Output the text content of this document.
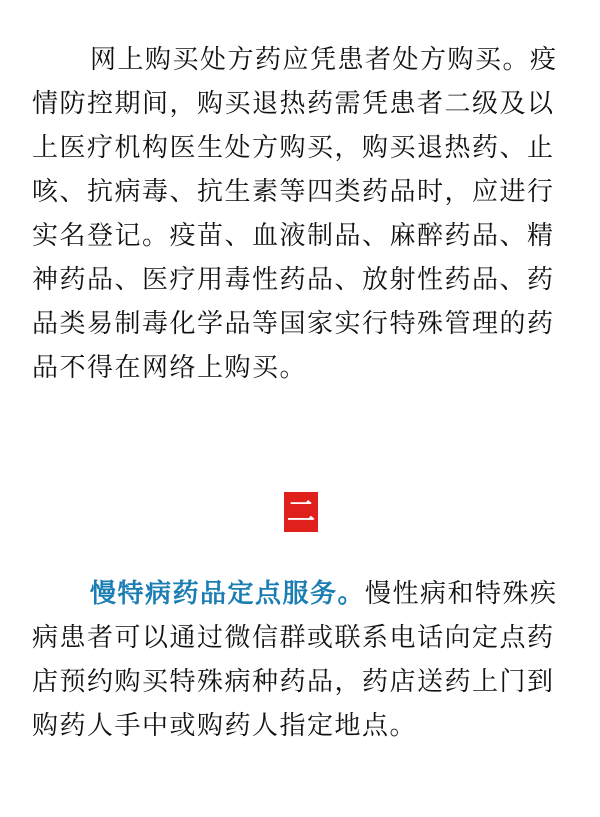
网上购买处方药应凭患者处方购买。疫情防控期间，购买退热药需凭患者二级及以上医疗机构医生处方购买，购买退热药、止咳、抗病毒、抗生素等四类药品时，应进行实名登记。疫苗、血液制品、麻醉药品、精神药品、医疗用毒性药品、放射性药品、药品类易制毒化学品等国家实行特殊管理的药品不得在网络上购买。

二

慢特病药品定点服务。慢性病和特殊疾病患者可以通过微信群或联系电话向定点药店预约购买特殊病种药品，药店送药上门到购药人手中或购药人指定地点。
